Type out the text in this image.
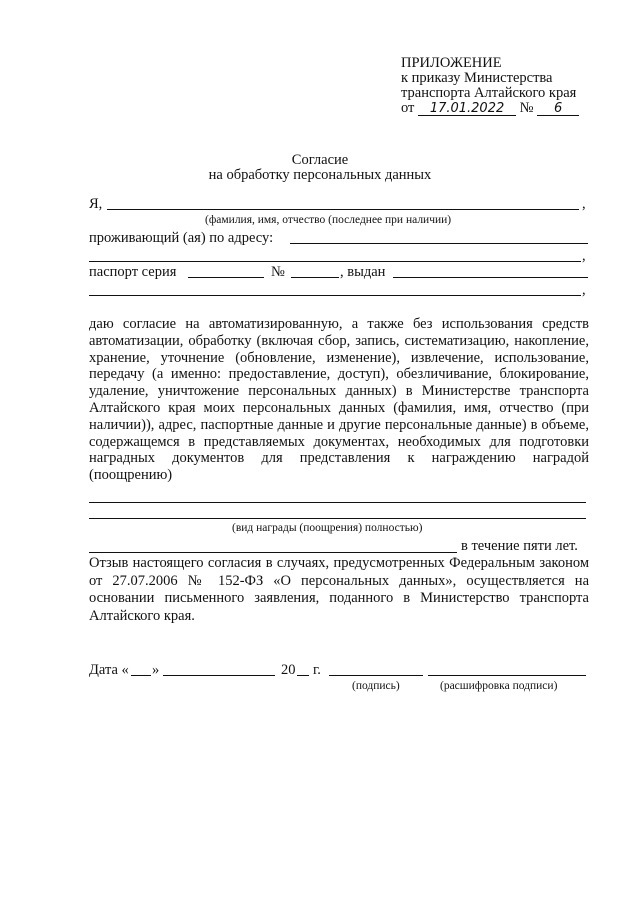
ПРИЛОЖЕНИЕ
к приказу Министерства
транспорта Алтайского края
от 17.01.2022 № 6
Согласие
на обработку персональных данных
Я,	,
(фамилия, имя, отчество (последнее при наличии)
проживающий (ая) по адресу:
,
паспорт серия	№	, выдан
,
даю согласие на автоматизированную, а также без использования средств автоматизации, обработку (включая сбор, запись, систематизацию, накопление, хранение, уточнение (обновление, изменение), извлечение, использование, передачу (а именно: предоставление, доступ), обезличивание, блокирование, удаление, уничтожение персональных данных) в Министерстве транспорта Алтайского края моих персональных данных (фамилия, имя, отчество (при наличии)), адрес, паспортные данные и другие персональные данные) в объеме, содержащемся в представляемых документах, необходимых для подготовки наградных документов для представления к награждению наградой (поощрению)
(вид награды (поощрения) полностью)
в течение пяти лет.
Отзыв настоящего согласия в случаях, предусмотренных Федеральным законом от 27.07.2006 № 152-ФЗ «О персональных данных», осуществляется на основании письменного заявления, поданного в Министерство транспорта Алтайского края.
Дата « »	20 г.
(подпись)	(расшифровка подписи)
